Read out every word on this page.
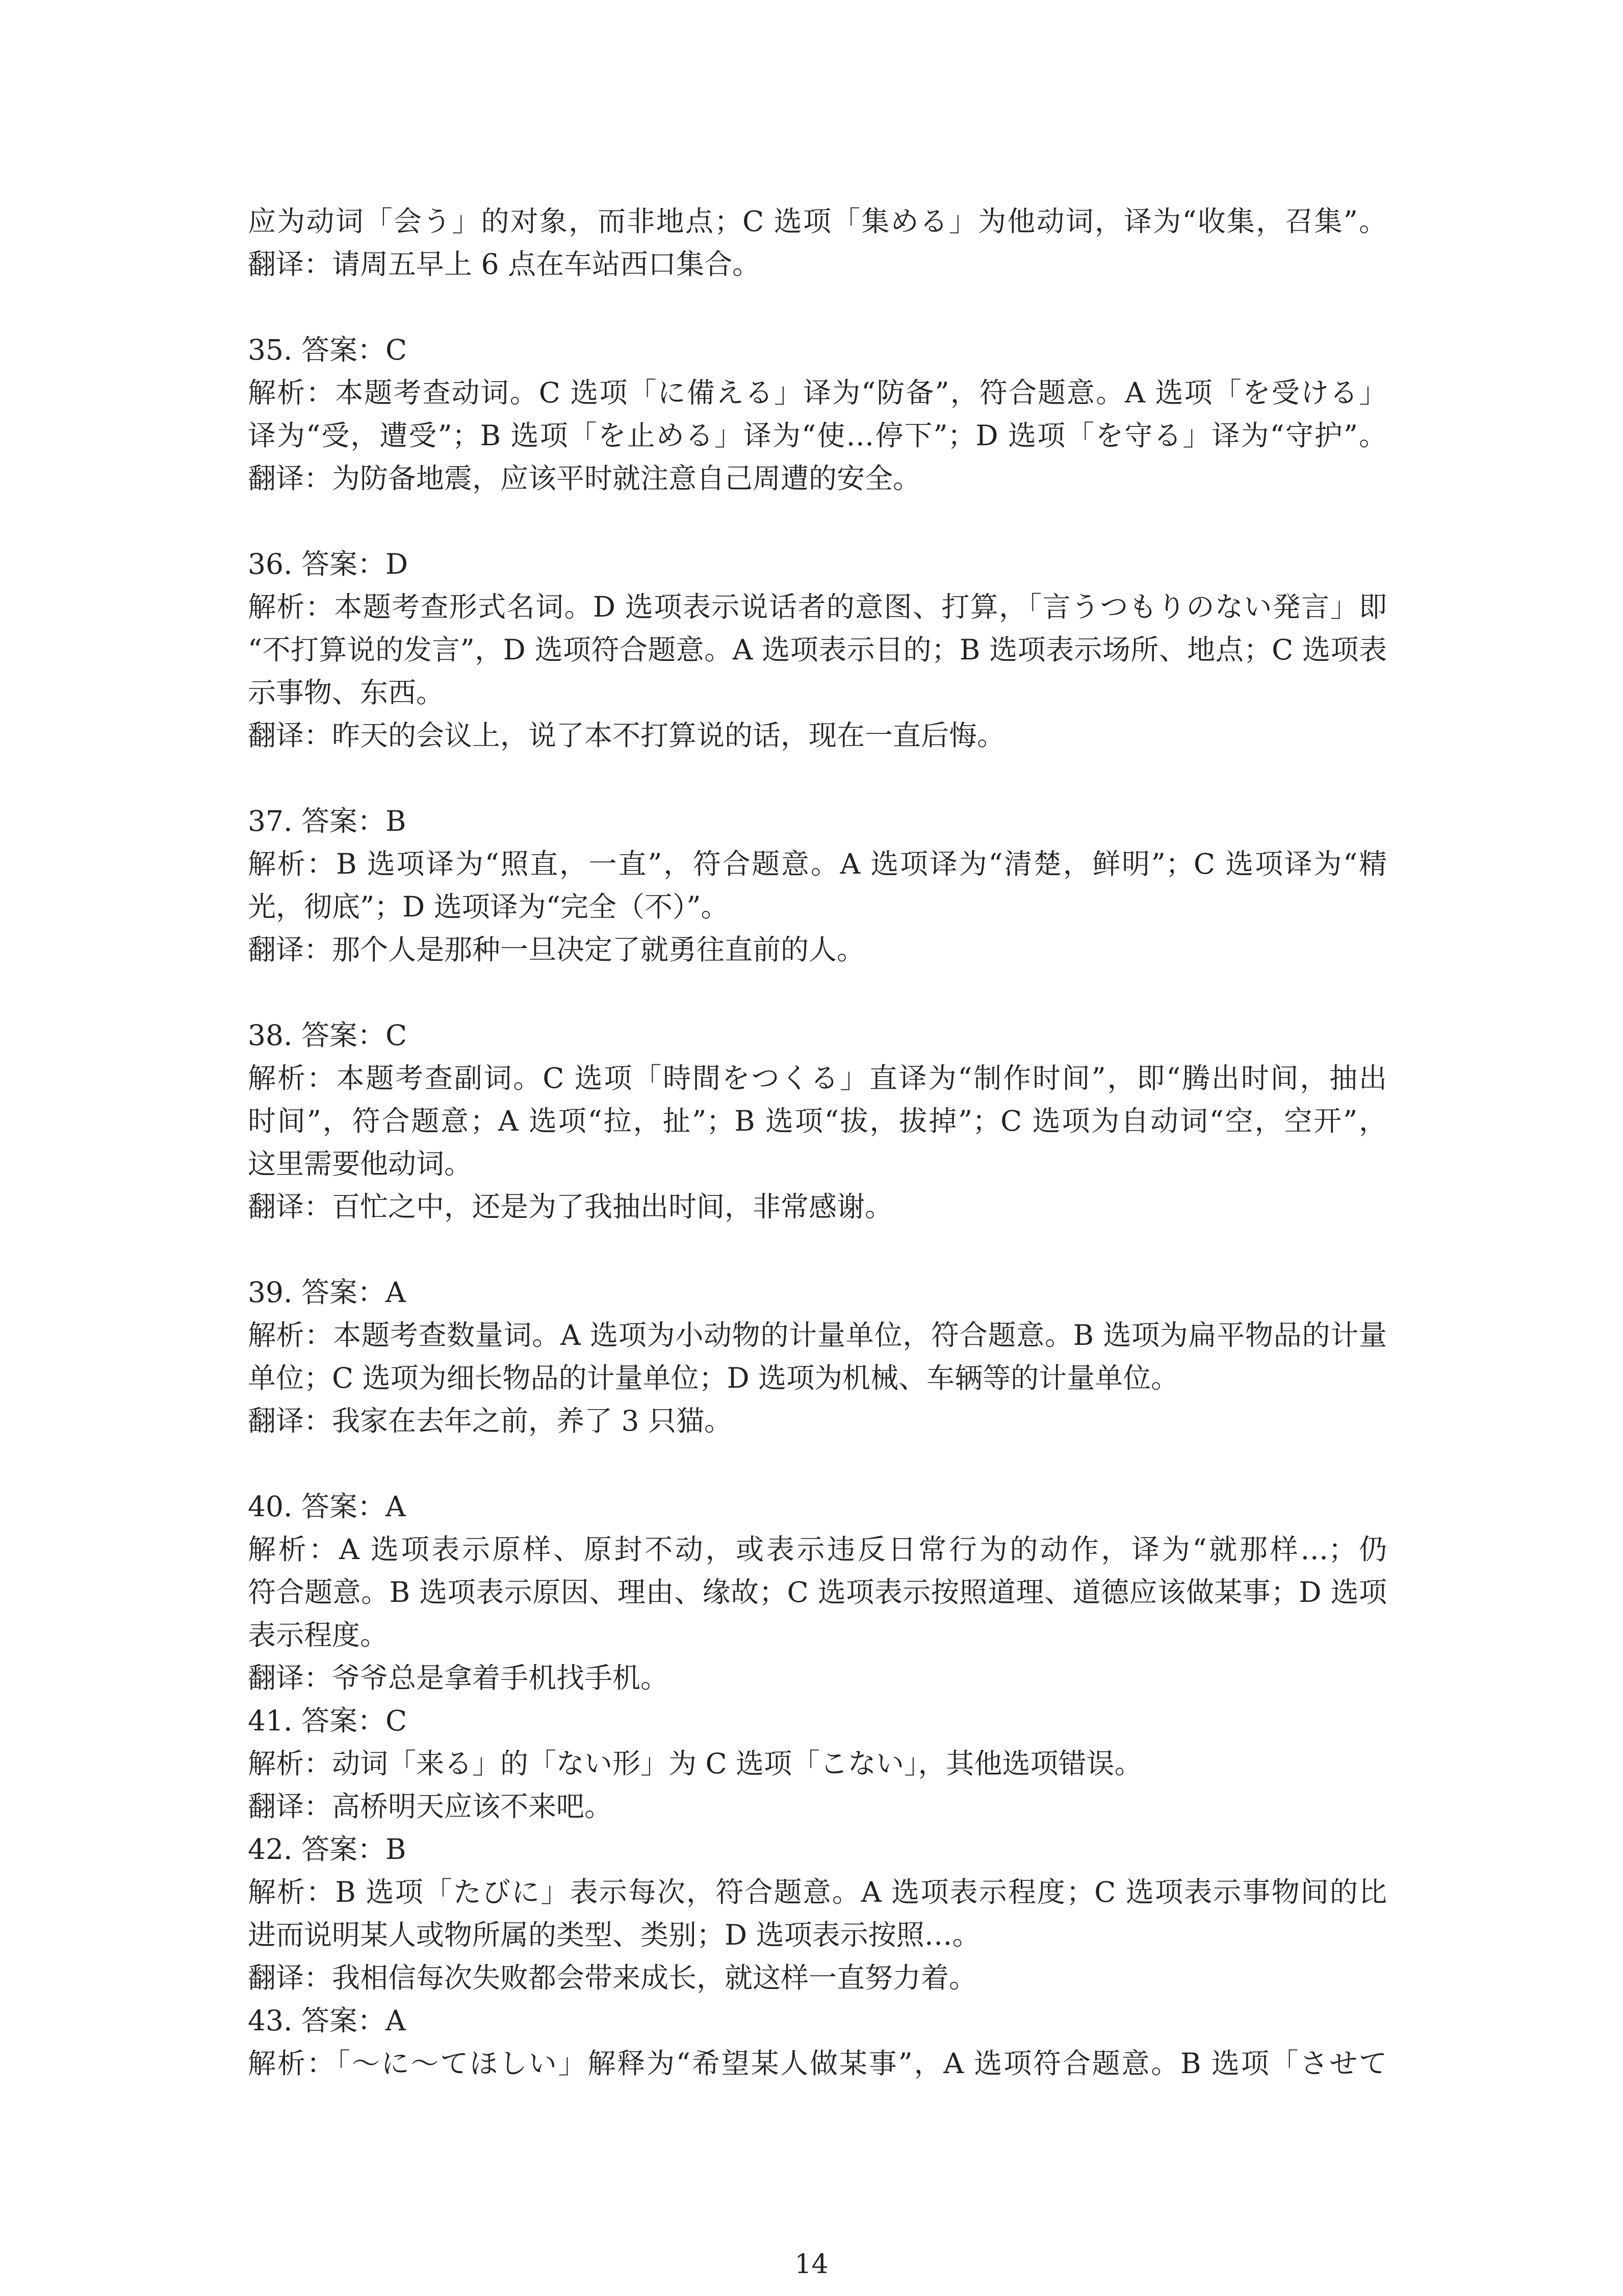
应为动词「会う」的对象，而非地点；C 选项「集める」为他动词，译为“收集，召集”。
翻译：请周五早上 6 点在车站西口集合。
35. 答案：C
解析：本题考查动词。C 选项「に備える」译为“防备”，符合题意。A 选项「を受ける」
译为“受，遭受”；B 选项「を止める」译为“使…停下”；D 选项「を守る」译为“守护”。
翻译：为防备地震，应该平时就注意自己周遭的安全。
36. 答案：D
解析：本题考查形式名词。D 选项表示说话者的意图、打算，「言うつもりのない発言」即
“不打算说的发言”，D 选项符合题意。A 选项表示目的；B 选项表示场所、地点；C 选项表
示事物、东西。
翻译：昨天的会议上，说了本不打算说的话，现在一直后悔。
37. 答案：B
解析：B 选项译为“照直，一直”，符合题意。A 选项译为“清楚，鲜明”；C 选项译为“精
光，彻底”；D 选项译为“完全（不）”。
翻译：那个人是那种一旦决定了就勇往直前的人。
38. 答案：C
解析：本题考查副词。C 选项「時間をつくる」直译为“制作时间”，即“腾出时间，抽出
时间”，符合题意；A 选项“拉，扯”；B 选项“拔，拔掉”；C 选项为自动词“空，空开”，
这里需要他动词。
翻译：百忙之中，还是为了我抽出时间，非常感谢。
39. 答案：A
解析：本题考查数量词。A 选项为小动物的计量单位，符合题意。B 选项为扁平物品的计量
单位；C 选项为细长物品的计量单位；D 选项为机械、车辆等的计量单位。
翻译：我家在去年之前，养了 3 只猫。
40. 答案：A
解析：A 选项表示原样、原封不动，或表示违反日常行为的动作，译为“就那样…；仍
符合题意。B 选项表示原因、理由、缘故；C 选项表示按照道理、道德应该做某事；D 选项
表示程度。
翻译：爷爷总是拿着手机找手机。
41. 答案：C
解析：动词「来る」的「ない形」为 C 选项「こない」，其他选项错误。
翻译：高桥明天应该不来吧。
42. 答案：B
解析：B 选项「たびに」表示每次，符合题意。A 选项表示程度；C 选项表示事物间的比
进而说明某人或物所属的类型、类别；D 选项表示按照…。
翻译：我相信每次失败都会带来成长，就这样一直努力着。
43. 答案：A
解析：「～に～てほしい」解释为“希望某人做某事”，A 选项符合题意。B 选项「させて
14
